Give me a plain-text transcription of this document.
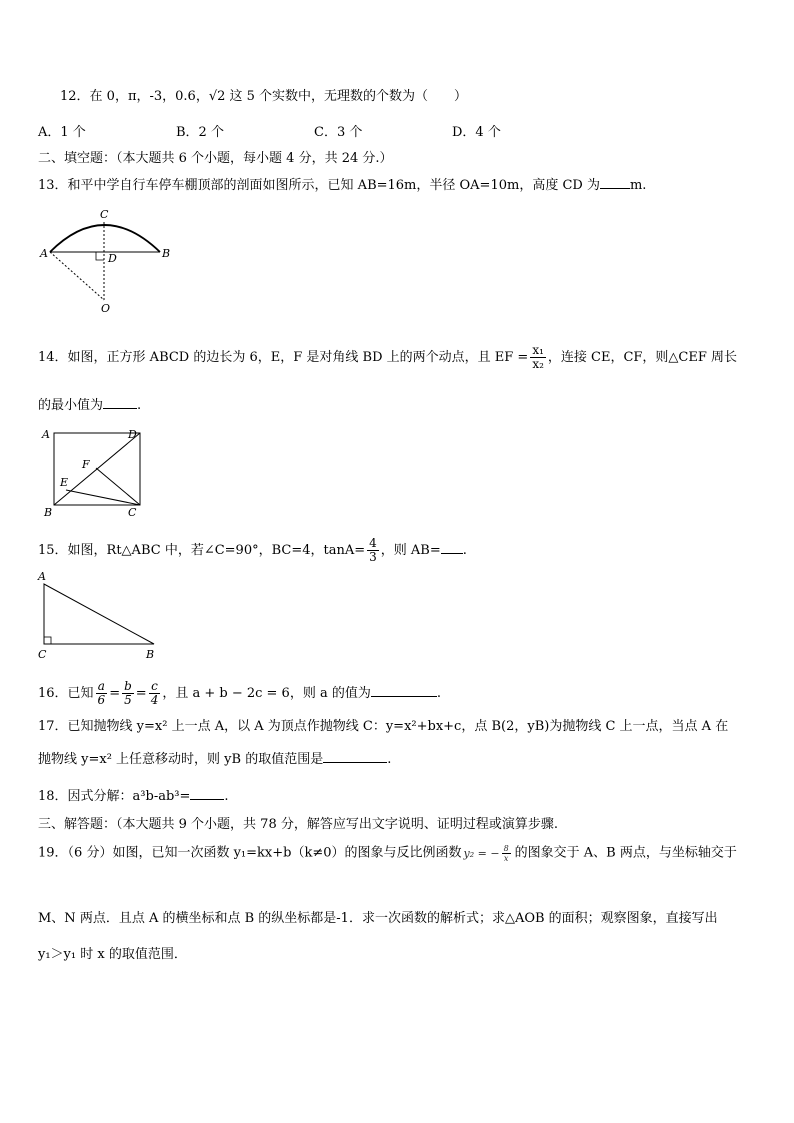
12．在 0，π，-3，0.6，√2 这 5 个实数中，无理数的个数为（　　）
A．1 个	B．2 个	C．3 个	D．4 个
二、填空题：（本大题共 6 个小题，每小题 4 分，共 24 分.）
13．和平中学自行车停车棚顶部的剖面如图所示，已知 AB=16m，半径 OA=10m，高度 CD 为 m.
C
A	B
D
O
14．如图，正方形 ABCD 的边长为 6，E，F 是对角线 BD 上的两个动点，且 EF = $\frac{\text{x₁}}{\text{x₂}}$ ，连接 CE，CF，则△CEF 周长
的最小值为	.
A	D
B	C
E
F
15．如图，Rt△ABC 中，若∠C=90°，BC=4，$\tan A= \frac{4}{3}$ ，则 AB= .
A
C	B
16．已知 $\frac{a}{6} = \frac{b}{5} = \frac{c}{4}$ ，且 a + b − 2c = 6，则 a 的值为	.
17．已知抛物线 y=x² 上一点 A，以 A 为顶点作抛物线 C：y=x²+bx+c，点 B(2，yB)为抛物线 C 上一点，当点 A 在
抛物线 y=x² 上任意移动时，则 yB 的取值范围是	.
18．因式分解：a³b-ab³=	.
三、解答题：（本大题共 9 个小题，共 78 分，解答应写出文字说明、证明过程或演算步骤.
19．（6 分）如图，已知一次函数 y₁=kx+b（k≠0）的图象与反比例函数 y₂ = − $\frac{8}{x}$ 的图象交于 A、B 两点，与坐标轴交于
M、N 两点．且点 A 的横坐标和点 B 的纵坐标都是-1．求一次函数的解析式；求△AOB 的面积；观察图象，直接写出
y₁＞y₁ 时 x 的取值范围．
